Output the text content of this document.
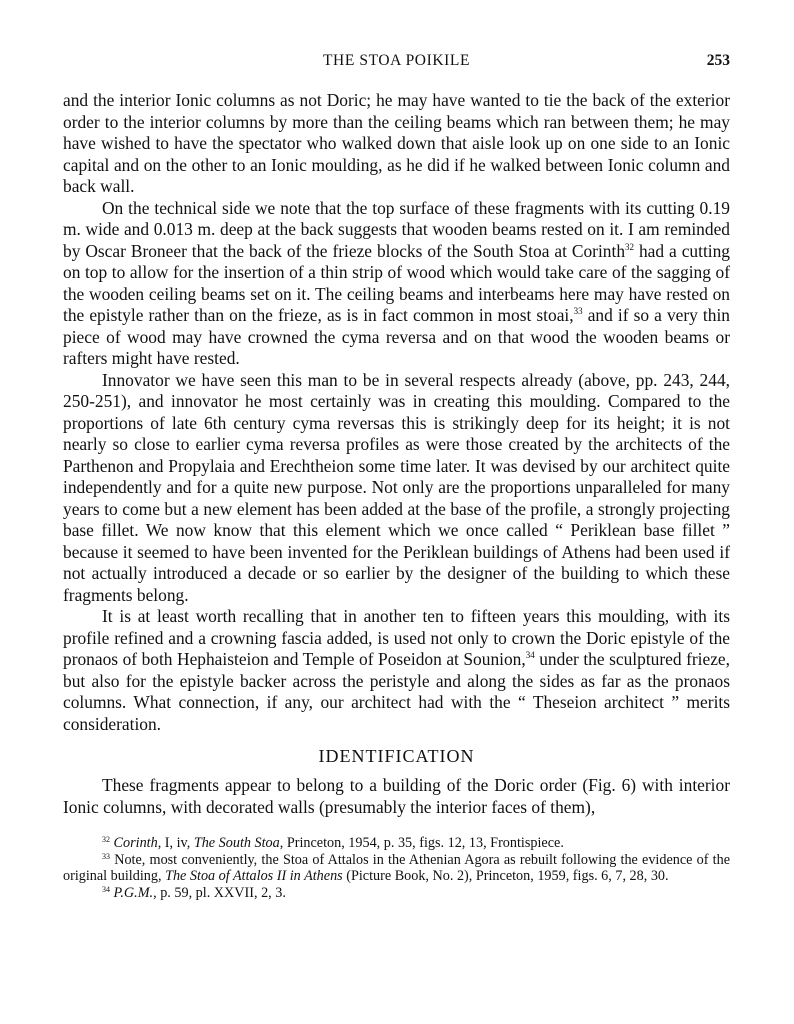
THE STOA POIKILE	253

and the interior Ionic columns as not Doric; he may have wanted to tie the back of the exterior order to the interior columns by more than the ceiling beams which ran between them; he may have wished to have the spectator who walked down that aisle look up on one side to an Ionic capital and on the other to an Ionic moulding, as he did if he walked between Ionic column and back wall.

On the technical side we note that the top surface of these fragments with its cutting 0.19 m. wide and 0.013 m. deep at the back suggests that wooden beams rested on it. I am reminded by Oscar Broneer that the back of the frieze blocks of the South Stoa at Corinth$^{32}$ had a cutting on top to allow for the insertion of a thin strip of wood which would take care of the sagging of the wooden ceiling beams set on it. The ceiling beams and interbeams here may have rested on the epistyle rather than on the frieze, as is in fact common in most stoai,$^{33}$ and if so a very thin piece of wood may have crowned the cyma reversa and on that wood the wooden beams or rafters might have rested.

Innovator we have seen this man to be in several respects already (above, pp. 243, 244, 250-251), and innovator he most certainly was in creating this moulding. Compared to the proportions of late 6th century cyma reversas this is strikingly deep for its height; it is not nearly so close to earlier cyma reversa profiles as were those created by the architects of the Parthenon and Propylaia and Erechtheion some time later. It was devised by our architect quite independently and for a quite new purpose. Not only are the proportions unparalleled for many years to come but a new element has been added at the base of the profile, a strongly projecting base fillet. We now know that this element which we once called “ Periklean base fillet ” because it seemed to have been invented for the Periklean buildings of Athens had been used if not actually introduced a decade or so earlier by the designer of the building to which these fragments belong.

It is at least worth recalling that in another ten to fifteen years this moulding, with its profile refined and a crowning fascia added, is used not only to crown the Doric epistyle of the pronaos of both Hephaisteion and Temple of Poseidon at Sounion,$^{34}$ under the sculptured frieze, but also for the epistyle backer across the peristyle and along the sides as far as the pronaos columns. What connection, if any, our architect had with the “ Theseion architect ” merits consideration.

IDENTIFICATION

These fragments appear to belong to a building of the Doric order (Fig. 6) with interior Ionic columns, with decorated walls (presumably the interior faces of them),

$^{32}$ Corinth, I, iv, The South Stoa, Princeton, 1954, p. 35, figs. 12, 13, Frontispiece.

$^{33}$ Note, most conveniently, the Stoa of Attalos in the Athenian Agora as rebuilt following the evidence of the original building, The Stoa of Attalos II in Athens (Picture Book, No. 2), Princeton, 1959, figs. 6, 7, 28, 30.

$^{34}$ P.G.M., p. 59, pl. XXVII, 2, 3.
